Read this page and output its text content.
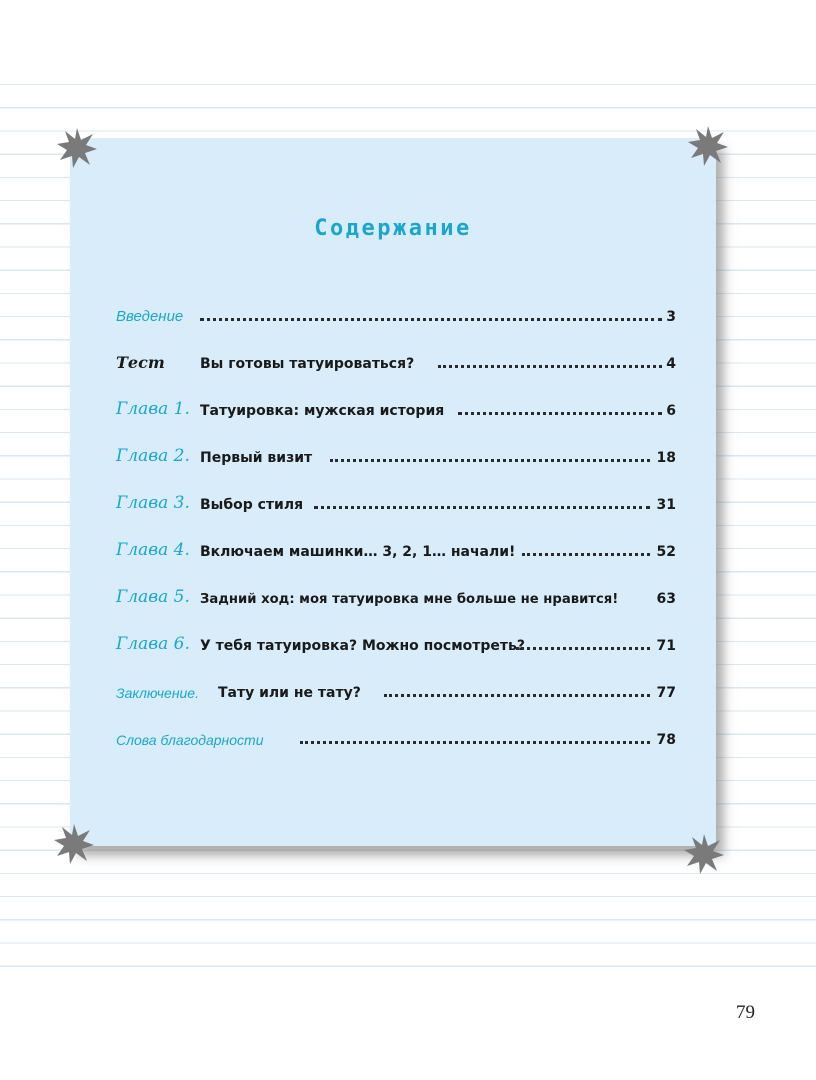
Содержание
Введение	3
Тест	Вы готовы татуироваться?	4
Глава 1. Татуировка: мужская история	6
Глава 2. Первый визит	18
Глава 3. Выбор стиля	31
Глава 4. Включаем машинки… 3, 2, 1… начали!	52
Глава 5. Задний ход: моя татуировка мне больше не нравится!	63
Глава 6. У тебя татуировка? Можно посмотреть?	71
Заключение. Тату или не тату?	77
Слова благодарности	78
79
